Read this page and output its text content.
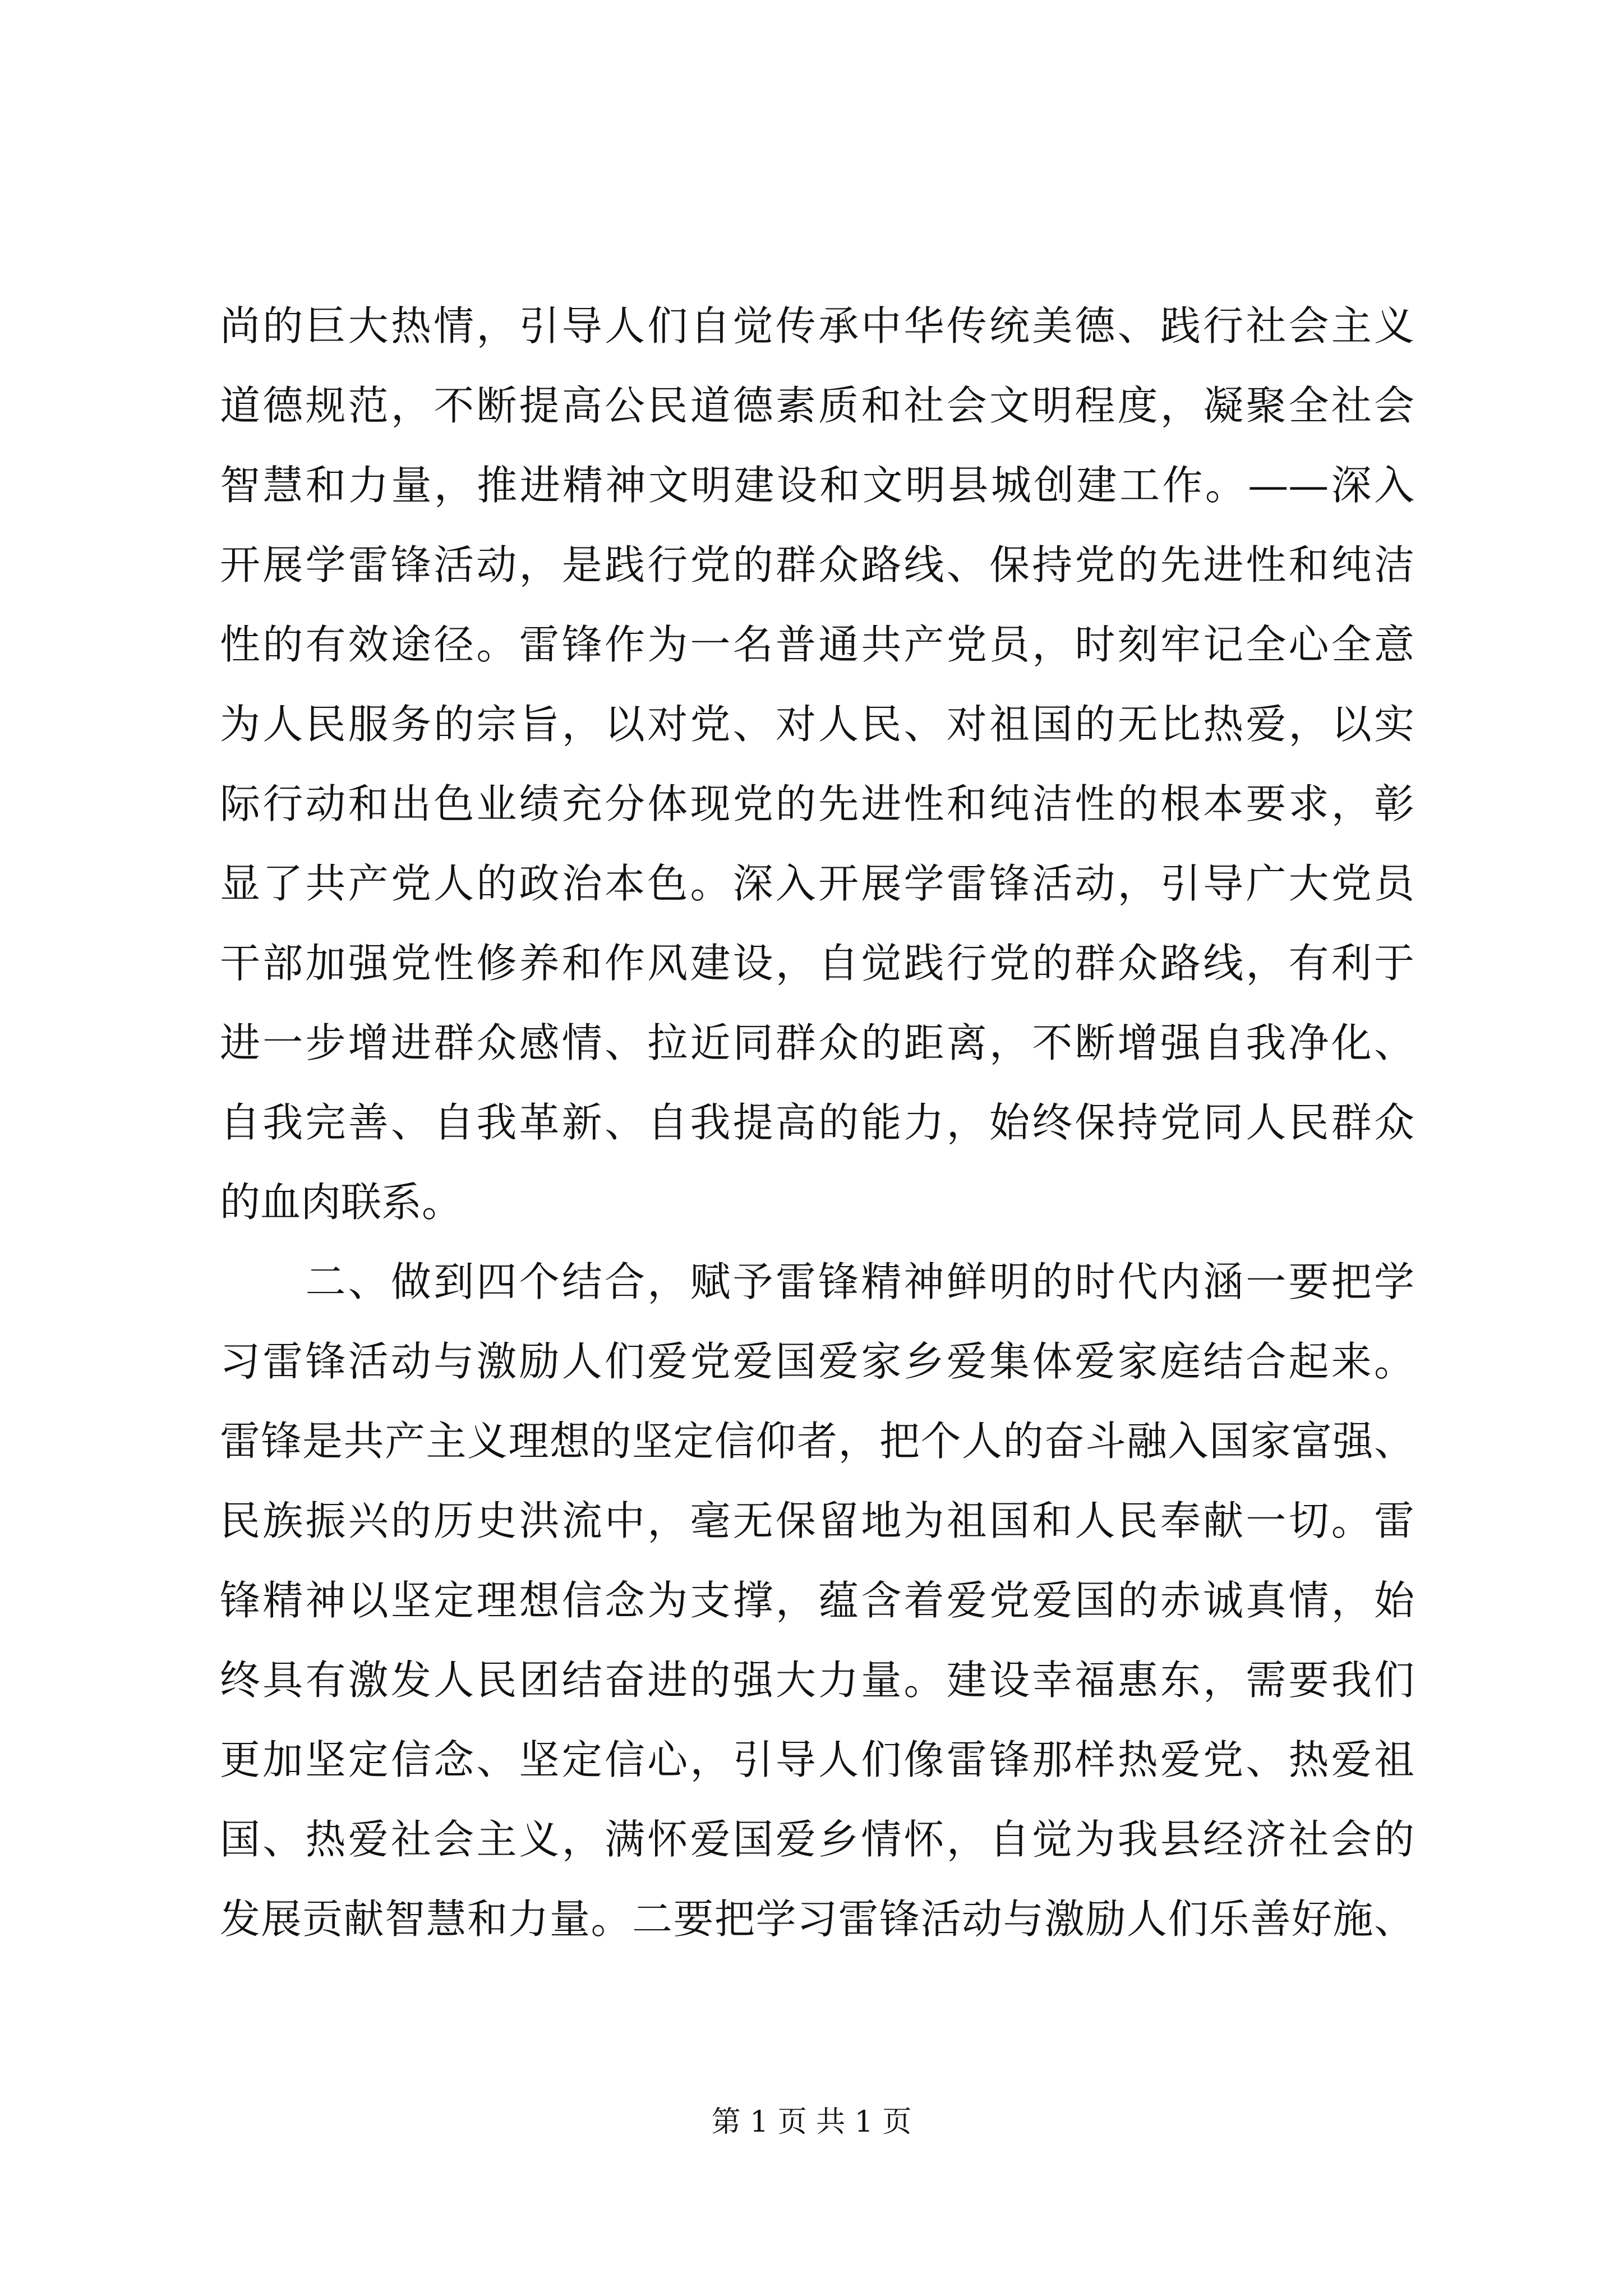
尚的巨大热情，引导人们自觉传承中华传统美德、践行社会主义
道德规范，不断提高公民道德素质和社会文明程度，凝聚全社会
智慧和力量，推进精神文明建设和文明县城创建工作。——深入
开展学雷锋活动，是践行党的群众路线、保持党的先进性和纯洁
性的有效途径。雷锋作为一名普通共产党员，时刻牢记全心全意
为人民服务的宗旨，以对党、对人民、对祖国的无比热爱，以实
际行动和出色业绩充分体现党的先进性和纯洁性的根本要求，彰
显了共产党人的政治本色。深入开展学雷锋活动，引导广大党员
干部加强党性修养和作风建设，自觉践行党的群众路线，有利于
进一步增进群众感情、拉近同群众的距离，不断增强自我净化、
自我完善、自我革新、自我提高的能力，始终保持党同人民群众
的血肉联系。
　　二、做到四个结合，赋予雷锋精神鲜明的时代内涵一要把学
习雷锋活动与激励人们爱党爱国爱家乡爱集体爱家庭结合起来。
雷锋是共产主义理想的坚定信仰者，把个人的奋斗融入国家富强、
民族振兴的历史洪流中，毫无保留地为祖国和人民奉献一切。雷
锋精神以坚定理想信念为支撑，蕴含着爱党爱国的赤诚真情，始
终具有激发人民团结奋进的强大力量。建设幸福惠东，需要我们
更加坚定信念、坚定信心，引导人们像雷锋那样热爱党、热爱祖
国、热爱社会主义，满怀爱国爱乡情怀，自觉为我县经济社会的
发展贡献智慧和力量。二要把学习雷锋活动与激励人们乐善好施、
第 1 页 共 1 页
